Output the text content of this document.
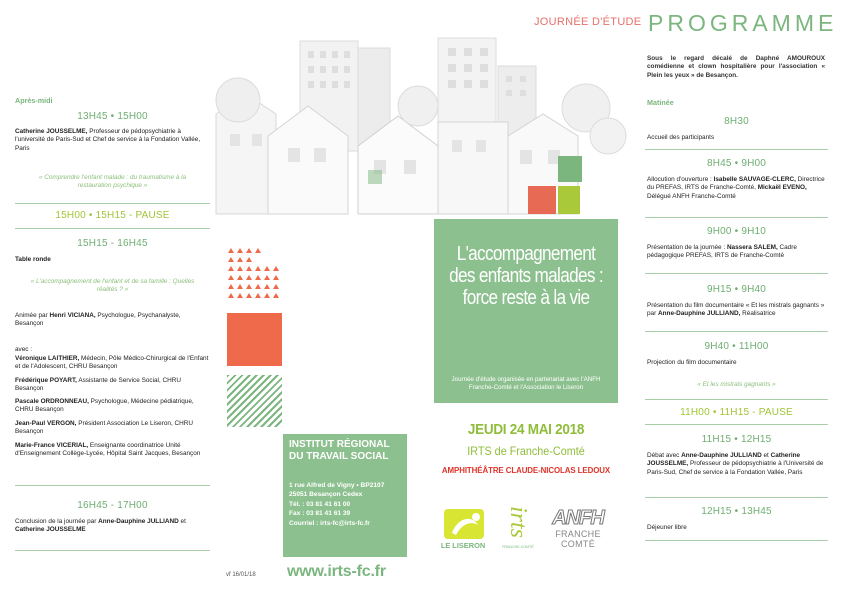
JOURNÉE D'ÉTUDE PROGRAMME
Après-midi
13H45 • 15H00
Catherine JOUSSELME, Professeur de pédopsychiatrie à l'université de Paris-Sud et Chef de service à la Fondation Vallée, Paris
« Comprendre l'enfant malade : du traumatisme à la restauration psychique »
15H00 • 15H15 - PAUSE
15H15 - 16H45
Table ronde
« L'accompagnement de l'enfant et de sa famille : Quelles réalités ? »
Animée par Henri VICIANA, Psychologue, Psychanalyste, Besançon
avec :
Véronique LAITHIER, Médecin, Pôle Médico-Chirurgical de l'Enfant et de l'Adolescent, CHRU Besançon
Frédérique POYART, Assistante de Service Social, CHRU Besançon
Pascale ORDRONNEAU, Psychologue, Médecine pédiatrique, CHRU Besançon
Jean-Paul VERGON, Président Association Le Liseron, CHRU Besançon
Marie-France VICERIAL, Enseignante coordinatrice Unité d'Enseignement Collège-Lycée, Hôpital Saint Jacques, Besançon
16H45 - 17H00
Conclusion de la journée par Anne-Dauphine JULLIAND et Catherine JOUSSELME
L'accompagnement
des enfants malades :
force reste à la vie
Journée d'étude organisée en partenariat avec l'ANFH Franche-Comté et l'Association le Liseron
JEUDI 24 MAI 2018
IRTS de Franche-Comté
AMPHITHÉÂTRE CLAUDE-NICOLAS LEDOUX
INSTITUT RÉGIONAL
DU TRAVAIL SOCIAL
1 rue Alfred de Vigny • BP2107
25051 Besançon Cedex
Tél. : 03 81 41 61 00
Fax : 03 81 41 61 39
Courriel : irts-fc@irts-fc.fr
vf 16/01/18 www.irts-fc.fr
LE LISERON
irts
FRANCHE-COMTÉ
ANFH
FRANCHE COMTÉ
Sous le regard décalé de Daphné AMOUROUX comédienne et clown hospitalière pour l'association « Plein les yeux » de Besançon.
Matinée
8H30
Accueil des participants
8H45 • 9H00
Allocution d'ouverture : Isabelle SAUVAGE-CLERC, Directrice du PREFAS, IRTS de Franche-Comté, Mickaël EVENO, Délégué ANFH Franche-Comté
9H00 • 9H10
Présentation de la journée : Nassera SALEM, Cadre pédagogique PREFAS, IRTS de Franche-Comté
9H15 • 9H40
Présentation du film documentaire « Et les mistrals gagnants » par Anne-Dauphine JULLIAND, Réalisatrice
9H40 • 11H00
Projection du film documentaire
« Et les mistrals gagnants »
11H00 • 11H15 - PAUSE
11H15 • 12H15
Débat avec Anne-Dauphine JULLIAND et Catherine JOUSSELME, Professeur de pédopsychiatrie à l'Université de Paris-Sud, Chef de service à la Fondation Vallée, Paris
12H15 • 13H45
Déjeuner libre
